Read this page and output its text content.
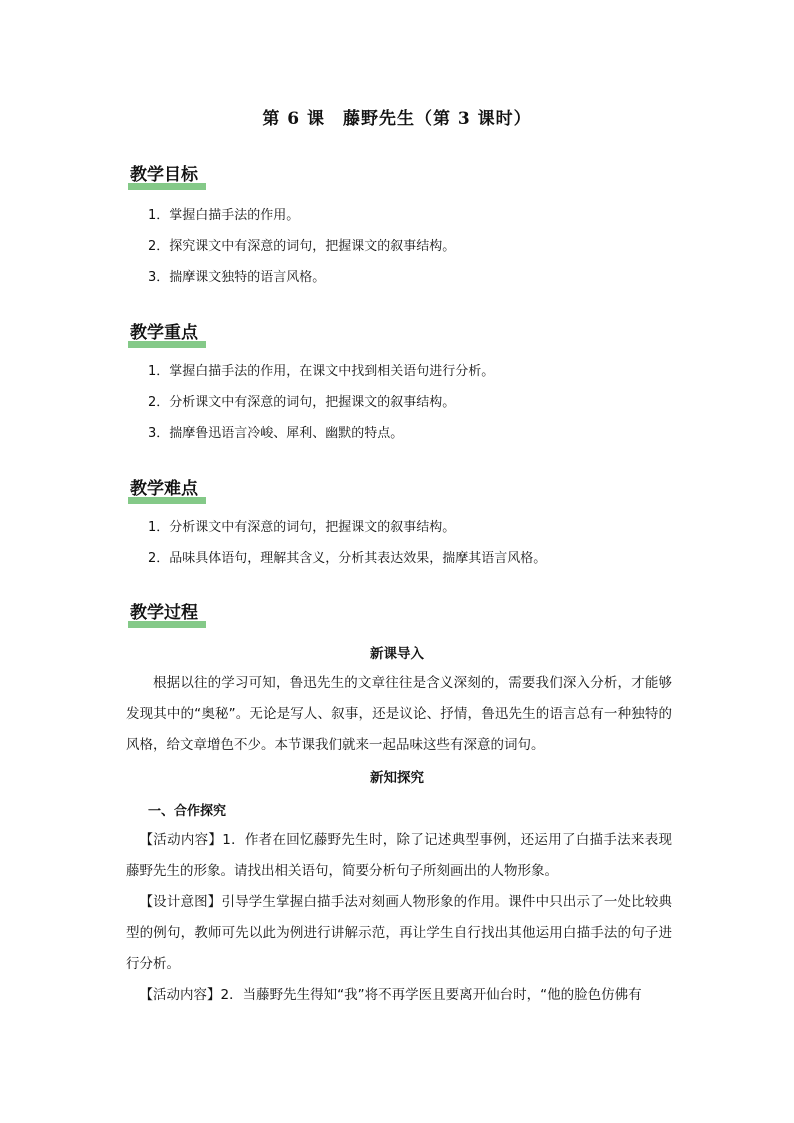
第 6 课　藤野先生（第 3 课时）
教学目标
1．掌握白描手法的作用。
2．探究课文中有深意的词句，把握课文的叙事结构。
3．揣摩课文独特的语言风格。
教学重点
1．掌握白描手法的作用，在课文中找到相关语句进行分析。
2．分析课文中有深意的词句，把握课文的叙事结构。
3．揣摩鲁迅语言冷峻、犀利、幽默的特点。
教学难点
1．分析课文中有深意的词句，把握课文的叙事结构。
2．品味具体语句，理解其含义，分析其表达效果，揣摩其语言风格。
教学过程
新课导入
根据以往的学习可知，鲁迅先生的文章往往是含义深刻的，需要我们深入分析，才能够发现其中的“奥秘”。无论是写人、叙事，还是议论、抒情，鲁迅先生的语言总有一种独特的风格，给文章增色不少。本节课我们就来一起品味这些有深意的词句。
新知探究
一、合作探究
【活动内容】1．作者在回忆藤野先生时，除了记述典型事例，还运用了白描手法来表现藤野先生的形象。请找出相关语句，简要分析句子所刻画出的人物形象。
【设计意图】引导学生掌握白描手法对刻画人物形象的作用。课件中只出示了一处比较典型的例句，教师可先以此为例进行讲解示范，再让学生自行找出其他运用白描手法的句子进行分析。
【活动内容】2．当藤野先生得知“我”将不再学医且要离开仙台时，“他的脸色仿佛有
